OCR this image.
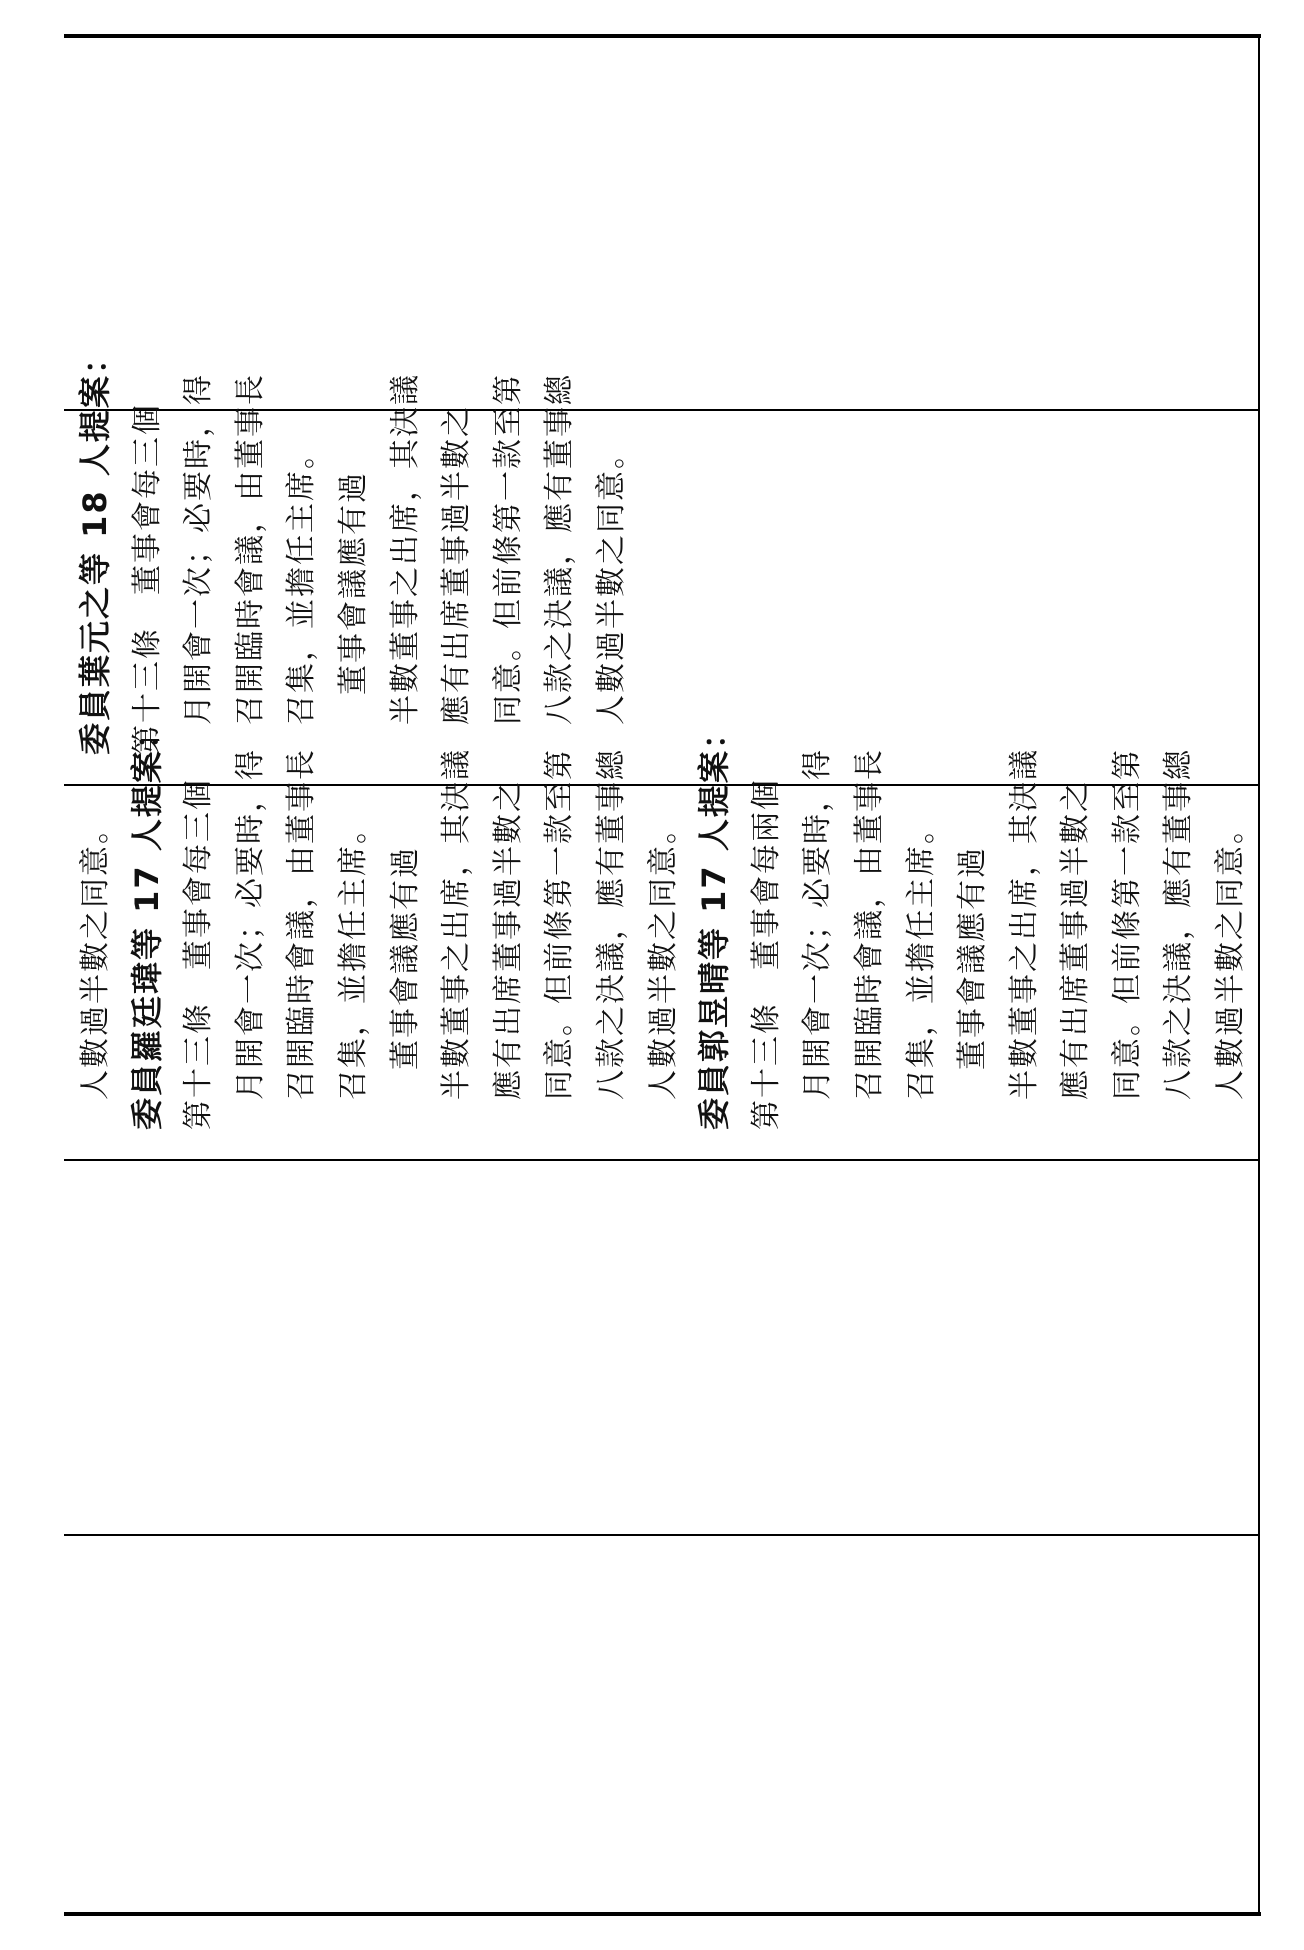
委員葉元之等 18 人提案： 第十三條　董事會每三個 月開會一次；必要時，得 召開臨時會議，由董事長 召集，並擔任主席。 董事會議應有過 半數董事之出席，其決議 應有出席董事過半數之 同意。但前條第一款至第 八款之決議，應有董事總 人數過半數之同意。
人數過半數之同意。 委員羅廷瑋等 17 人提案： 第十三條　董事會每三個 月開會一次；必要時，得 召開臨時會議，由董事長 召集，並擔任主席。 董事會議應有過 半數董事之出席，其決議 應有出席董事過半數之 同意。但前條第一款至第 八款之決議，應有董事總 人數過半數之同意。 委員郭昱晴等 17 人提案： 第十三條　董事會每兩個 月開會一次；必要時，得 召開臨時會議，由董事長 召集，並擔任主席。 董事會議應有過 半數董事之出席，其決議 應有出席董事過半數之 同意。但前條第一款至第 八款之決議，應有董事總 人數過半數之同意。
